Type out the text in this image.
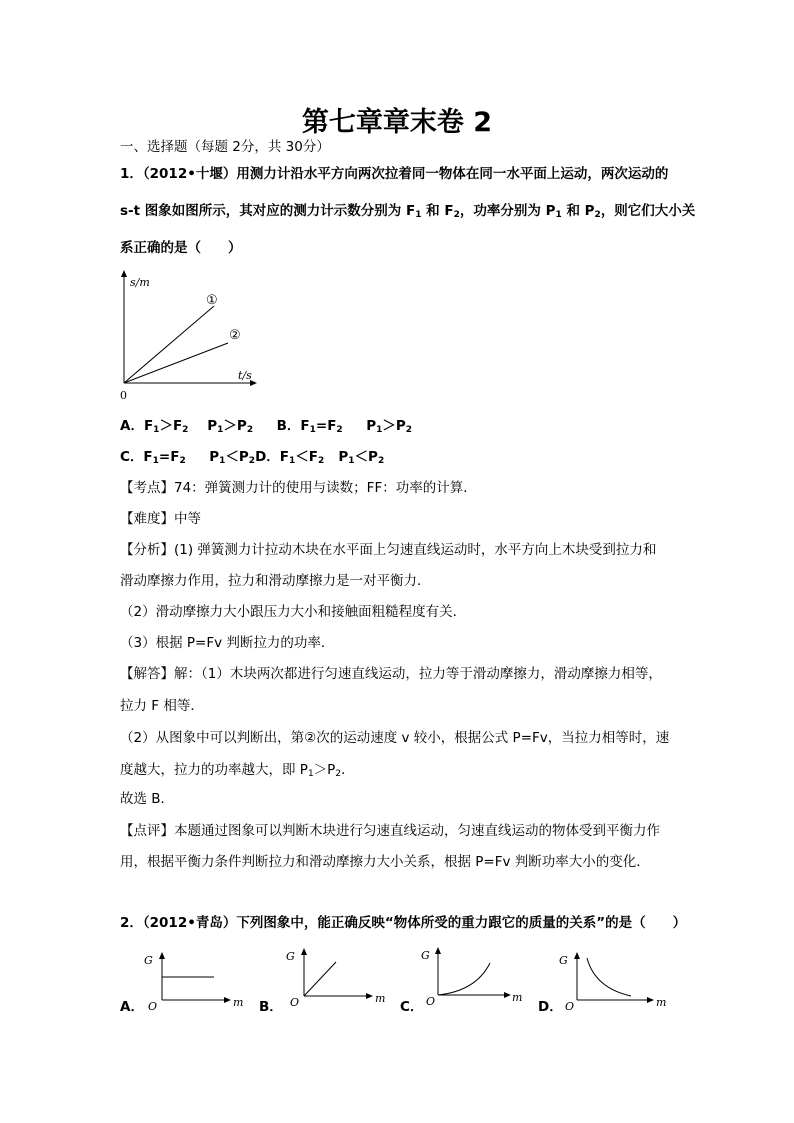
第七章章末卷 2
一、选择题（每题 2分，共 30分）
1．（2012•十堰）用测力计沿水平方向两次拉着同一物体在同一水平面上运动，两次运动的
s-t 图象如图所示，其对应的测力计示数分别为 $F_1$ 和 $F_2$，功率分别为 $P_1$ 和 $P_2$，则它们大小关
系正确的是（　　）
s/m
t/s
0
①
②
A．$F_1>F_2$ $P_1>P_2$ B．$F_1=F_2$ $P_1>P_2$
C．$F_1=F_2$ $P_1<P_2D$．$F_1<F_2$ $P_1<P_2$
【考点】74：弹簧测力计的使用与读数；FF：功率的计算．
【难度】中等
【分析】(1) 弹簧测力计拉动木块在水平面上匀速直线运动时，水平方向上木块受到拉力和
滑动摩擦力作用，拉力和滑动摩擦力是一对平衡力．
（2）滑动摩擦力大小跟压力大小和接触面粗糙程度有关．
（3）根据 P=Fv 判断拉力的功率．
【解答】解：（1）木块两次都进行匀速直线运动，拉力等于滑动摩擦力，滑动摩擦力相等，
拉力 F 相等．
（2）从图象中可以判断出，第②次的运动速度 v 较小，根据公式 P=Fv，当拉力相等时，速
度越大，拉力的功率越大，即 $P_1>P_2$．
故选 B．
【点评】本题通过图象可以判断木块进行匀速直线运动，匀速直线运动的物体受到平衡力作
用，根据平衡力条件判断拉力和滑动摩擦力大小关系，根据 P=Fv 判断功率大小的变化．
2．（2012•青岛）下列图象中，能正确反映“物体所受的重力跟它的质量的关系”的是（　　）
A．
G
O	m B．
G
O	m
C．
G
O	m
D．
G
O	m
